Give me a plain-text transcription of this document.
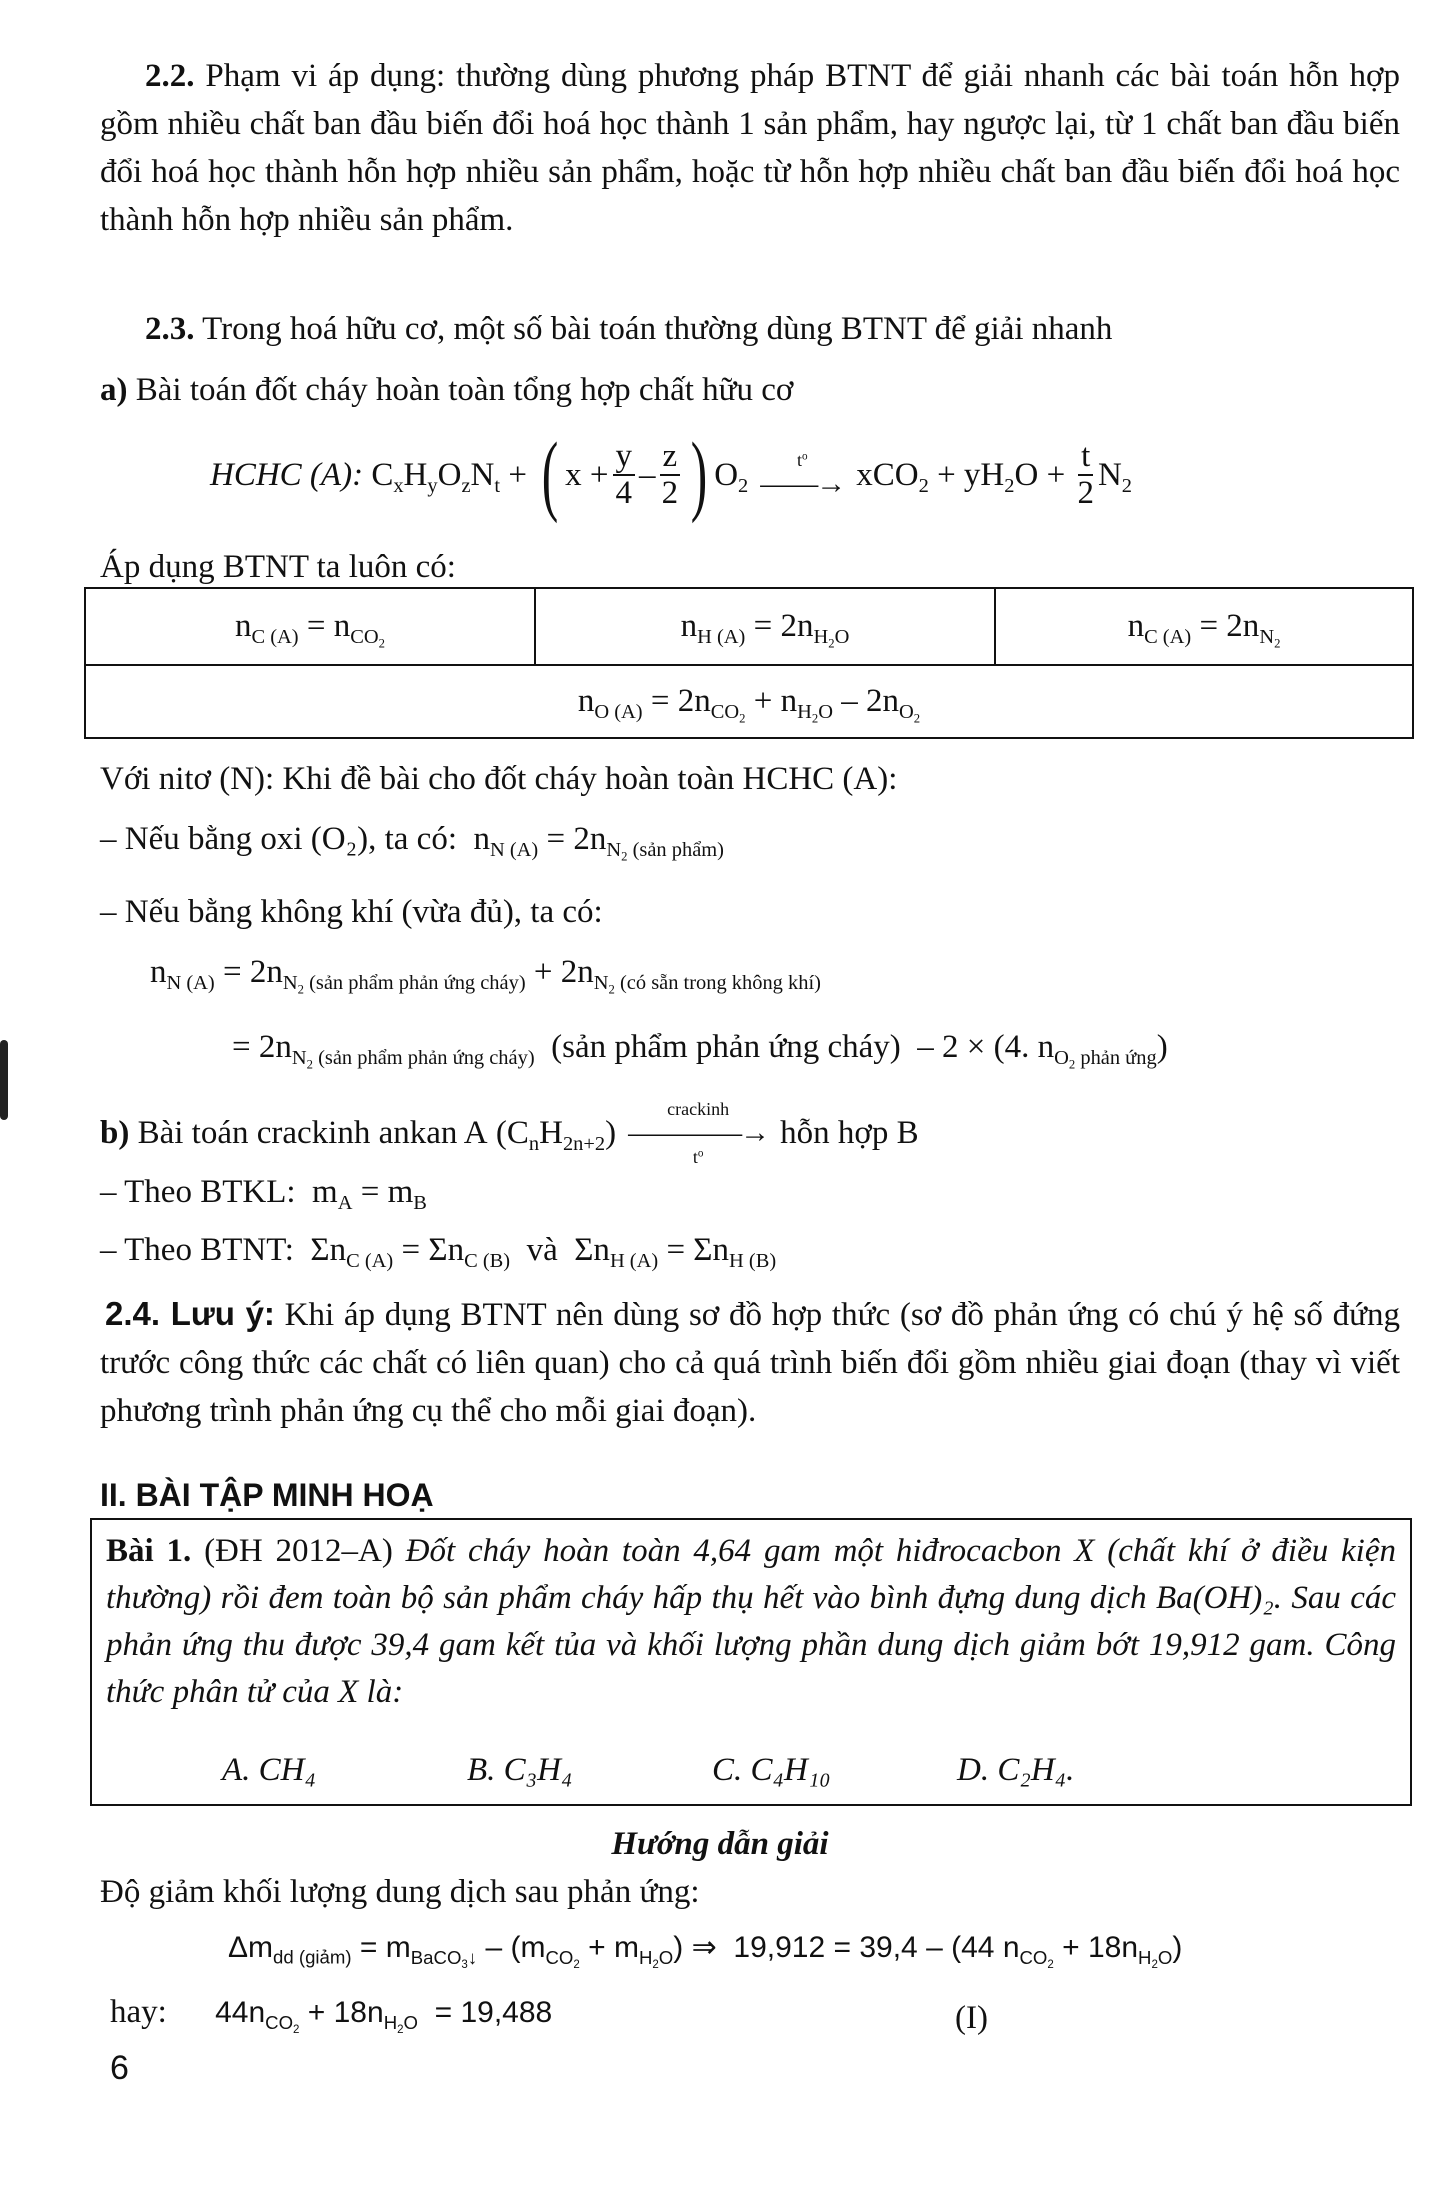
2.2. Phạm vi áp dụng: thường dùng phương pháp BTNT để giải nhanh các bài toán hỗn hợp gồm nhiều chất ban đầu biến đổi hoá học thành 1 sản phẩm, hay ngược lại, từ 1 chất ban đầu biến đổi hoá học thành hỗn hợp nhiều sản phẩm, hoặc từ hỗn hợp nhiều chất ban đầu biến đổi hoá học thành hỗn hợp nhiều sản phẩm.
2.3. Trong hoá hữu cơ, một số bài toán thường dùng BTNT để giải nhanh
a) Bài toán đốt cháy hoàn toàn tổng hợp chất hữu cơ
HCHC (A): $C_xH_yO_zN_t$ + ( $x + \frac{y}{4} - \frac{z}{2}$ ) $O_2$
$t^o$
——→ $xCO_2 + yH_2O + \frac{t}{2} N_2$
Áp dụng BTNT ta luôn có:
$n_{C (A)} = n_{CO_2}$	$n_{H (A)} = 2n_{H_2O}$	$n_{C (A)} = 2n_{N_2}$
$n_{O (A)} = 2n_{CO_2} + n_{H_2O} - 2n_{O_2}$
Với nitơ (N): Khi đề bài cho đốt cháy hoàn toàn HCHC (A):
– Nếu bằng oxi (O₂), ta có:  $n_{N (A)} = 2n_{N_2 (sản phẩm)}$
– Nếu bằng không khí (vừa đủ), ta có:
$n_{N (A)} = 2n_{N_2 (sản phẩm phản ứng cháy)} + 2n_{N_2 (có sẵn trong không khí)}$
= $2n_{N_2 (sản phẩm phản ứng cháy)}$ (sản phẩm phản ứng cháy)  – 2 × (4. $n_{O_2 phản ứng}$)
b)
Bài toán crackinh ankan A $(C_nH_{2n+2})$
crackinh
————→
$t^o$
hỗn hợp B
– Theo BTKL:  $m_A = m_B$
– Theo BTNT:  $\Sigma n_{C (A)} = \Sigma n_{C (B)}$ và  $\Sigma n_{H (A)} = \Sigma n_{H (B)}$
2.4. Lưu ý: Khi áp dụng BTNT nên dùng sơ đồ hợp thức (sơ đồ phản ứng có chú ý hệ số đứng trước công thức các chất có liên quan) cho cả quá trình biến đổi gồm nhiều giai đoạn (thay vì viết phương trình phản ứng cụ thể cho mỗi giai đoạn).
II. BÀI TẬP MINH HOẠ
Bài 1. (ĐH 2012–A) Đốt cháy hoàn toàn 4,64 gam một hiđrocacbon X (chất khí ở điều kiện thường) rồi đem toàn bộ sản phẩm cháy hấp thụ hết vào bình đựng dung dịch Ba(OH)₂. Sau các phản ứng thu được 39,4 gam kết tủa và khối lượng phần dung dịch giảm bớt 19,912 gam. Công thức phân tử của X là:
A. CH₄	B. C₃H₄	C. C₄H₁₀	D. C₂H₄.
Hướng dẫn giải
Độ giảm khối lượng dung dịch sau phản ứng:
$\Delta m_{dd (giảm)} = m_{BaCO_3↓} - (m_{CO_2} + m_{H_2O})$ ⇒  19,912 = 39,4 – (44 $n_{CO_2} + 18n_{H_2O}$)
hay: $44n_{CO_2} + 18n_{H_2O} = 19,488$	(I)
6
